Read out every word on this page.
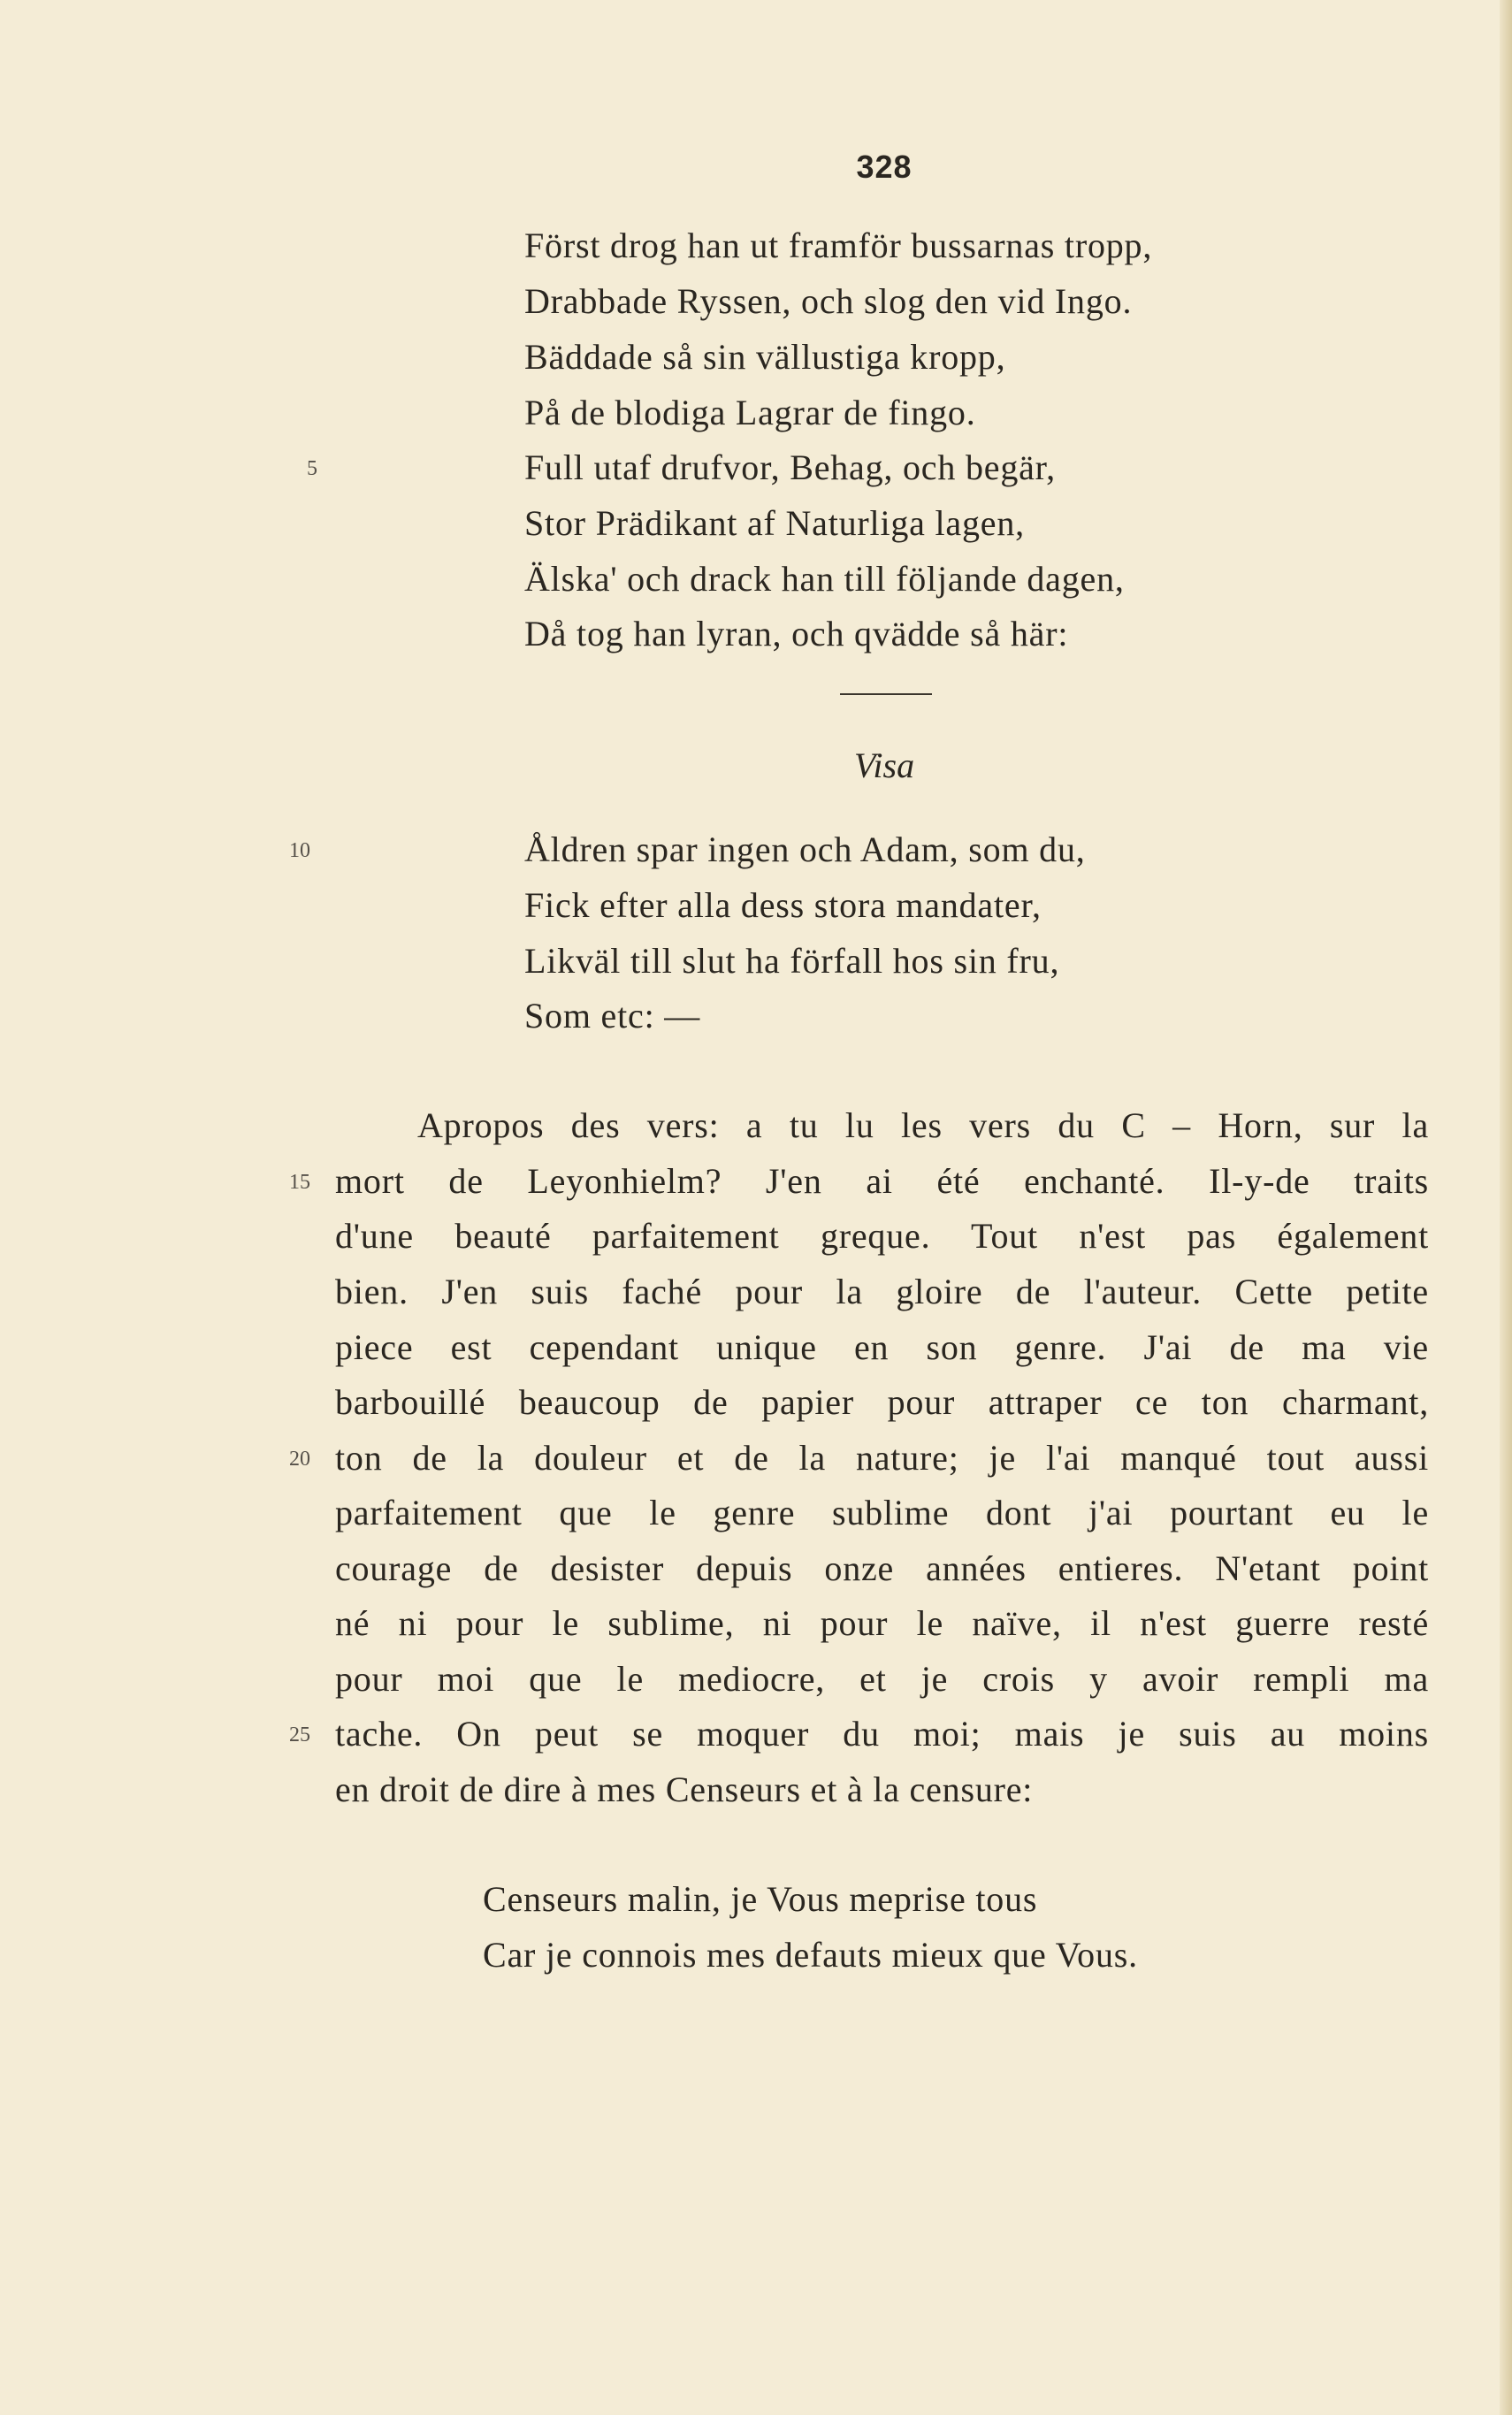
328
Först drog han ut framför bussarnas tropp,
Drabbade Ryssen, och slog den vid Ingo.
Bäddade så sin vällustiga kropp,
På de blodiga Lagrar de fingo.
Full utaf drufvor, Behag, och begär,
Stor Prädikant af Naturliga lagen,
Älska' och drack han till följande dagen,
Då tog han lyran, och qvädde så här:
5
Visa
Åldren spar ingen och Adam, som du,
Fick efter alla dess stora mandater,
Likväl till slut ha förfall hos sin fru,
Som etc: —
10
Apropos des vers: a tu lu les vers du C – Horn, sur la
mort de Leyonhielm? J'en ai été enchanté. Il-y-de traits
d'une beauté parfaitement greque. Tout n'est pas également
bien. J'en suis faché pour la gloire de l'auteur. Cette petite
piece est cependant unique en son genre. J'ai de ma vie
barbouillé beaucoup de papier pour attraper ce ton charmant,
ton de la douleur et de la nature; je l'ai manqué tout aussi
parfaitement que le genre sublime dont j'ai pourtant eu le
courage de desister depuis onze années entieres. N'etant point
né ni pour le sublime, ni pour le naïve, il n'est guerre resté
pour moi que le mediocre, et je crois y avoir rempli ma
tache. On peut se moquer du moi; mais je suis au moins
en droit de dire à mes Censeurs et à la censure:
15
20
25
Censeurs malin, je Vous meprise tous
Car je connois mes defauts mieux que Vous.
